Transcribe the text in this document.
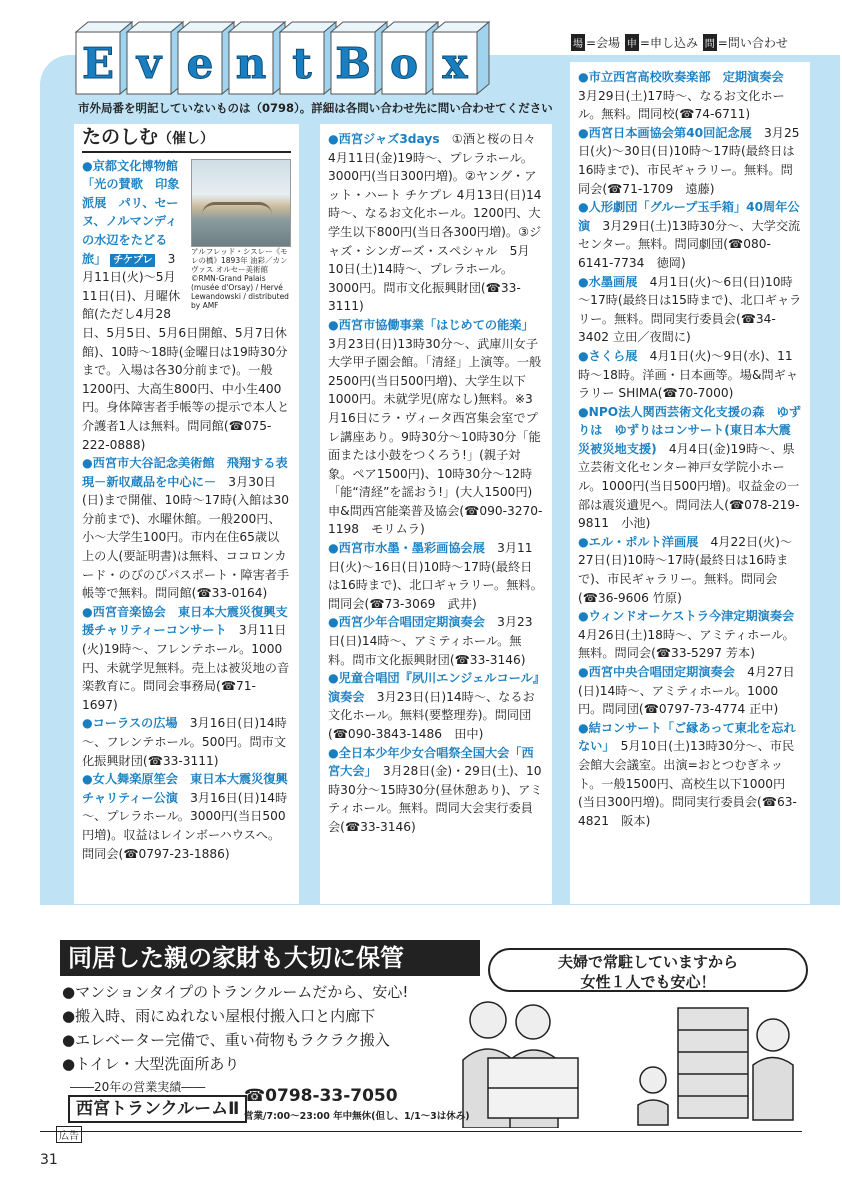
E v e n t B o x	場 =会場 申 =申し込み 問 =問い合わせ
市外局番を明記していないものは（0798）。詳細は各問い合わせ先に問い合わせてください
たのしむ（催し）

アルフレッド・シスレー《モレの橋》1893年 油彩／カンヴァス オルセー美術館 ©RMN-Grand Palais (musée d'Orsay) / Hervé Lewandowski / distributed by AMF
●京都文化博物館「光の賛歌　印象派展　パリ、セーヌ、ノルマンディの水辺をたどる旅」 チケプレ　 3月11日(火)～5月11日(日)、月曜休館(ただし4月28日、5月5日、5月6日開館、5月7日休館)、10時～18時(金曜日は19時30分まで。入場は各30分前まで)。一般1200円、大高生800円、中小生400円。身体障害者手帳等の提示で本人と介護者1人は無料。問同館(☎075-222-0888)

●西宮市大谷記念美術館　飛翔する表現－新収蔵品を中心に－　 3月30日(日)まで開催、10時～17時(入館は30分前まで)、水曜休館。一般200円、小～大学生100円。市内在住65歳以上の人(要証明書)は無料、ココロンカード・のびのびパスポート・障害者手帳等で無料。問同館(☎33-0164)

●西宮音楽協会　東日本大震災復興支援チャリティーコンサート　 3月11日(火)19時～、フレンテホール。1000円、未就学児無料。売上は被災地の音楽教育に。問同会事務局(☎71-1697)

●コーラスの広場　 3月16日(日)14時～、フレンテホール。500円。問市文化振興財団(☎33-3111)

●女人舞楽原笙会　東日本大震災復興チャリティー公演　 3月16日(日)14時～、プレラホール。3000円(当日500円増)。収益はレインボーハウスへ。問同会(☎0797-23-1886)

●西宮ジャズ3days　 ①酒と桜の日々　4月11日(金)19時～、プレラホール。3000円(当日300円増)。②ヤング・アット・ハート チケプレ 4月13日(日)14時～、なるお文化ホール。1200円、大学生以下800円(当日各300円増)。③ジャズ・シンガーズ・スペシャル　5月10日(土)14時～、プレラホール。3000円。問市文化振興財団(☎33-3111)

●西宮市協働事業「はじめての能楽」　3月23日(日)13時30分～、武庫川女子大学甲子園会館。「清経」上演等。一般2500円(当日500円増)、大学生以下1000円。未就学児(席なし)無料。※3月16日にラ・ヴィータ西宮集会室でプレ講座あり。9時30分～10時30分「能面または小鼓をつくろう!」(親子対象。ペア1500円)、10時30分～12時「能“清経”を謡おう!」(大人1500円) 申&問西宮能楽普及協会(☎090-3270-1198　モリムラ)

●西宮市水墨・墨彩画協会展　 3月11日(火)～16日(日)10時～17時(最終日は16時まで)、北口ギャラリー。無料。問同会(☎73-3069　武井)

●西宮少年合唱団定期演奏会　 3月23日(日)14時～、アミティホール。無料。問市文化振興財団(☎33-3146)

●児童合唱団『夙川エンジェルコール』演奏会　 3月23日(日)14時～、なるお文化ホール。無料(要整理券)。問同団(☎090-3843-1486　田中)

●全日本少年少女合唱祭全国大会「西宮大会」　 3月28日(金)・29日(土)、10時30分～15時30分(昼休憩あり)、アミティホール。無料。問同大会実行委員会(☎33-3146)

●市立西宮高校吹奏楽部　定期演奏会　3月29日(土)17時～、なるお文化ホール。無料。問同校(☎74-6711)

●西宮日本画協会第40回記念展　 3月25日(火)～30日(日)10時～17時(最終日は16時まで)、市民ギャラリー。無料。問同会(☎71-1709　遠藤)

●人形劇団「グループ玉手箱」40周年公演　 3月29日(土)13時30分～、大学交流センター。無料。問同劇団(☎080-6141-7734　徳岡)

●水墨画展　 4月1日(火)～6日(日)10時～17時(最終日は15時まで)、北口ギャラリー。無料。問同実行委員会(☎34-3402 立田／夜間に)

●さくら展　 4月1日(火)～9日(水)、11時～18時。洋画・日本画等。場&問ギャラリー SHIMA(☎70-7000)

●NPO法人関西芸術文化支援の森　ゆずりは　ゆずりはコンサート(東日本大震災被災地支援)　 4月4日(金)19時～、県立芸術文化センター神戸女学院小ホール。1000円(当日500円増)。収益金の一部は震災遺児へ。問同法人(☎078-219-9811　小池)

●エル・ポルト洋画展　 4月22日(火)～27日(日)10時～17時(最終日は16時まで)、市民ギャラリー。無料。問同会(☎36-9606 竹原)

●ウィンドオーケストラ今津定期演奏会　4月26日(土)18時～、アミティホール。無料。問同会(☎33-5297 芳本)

●西宮中央合唱団定期演奏会　 4月27日(日)14時～、アミティホール。1000円。問同団(☎0797-73-4774 正中)

●結コンサート「ご縁あって東北を忘れない」　 5月10日(土)13時30分～、市民会館大会議室。出演=おとつむぎネット。一般1500円、高校生以下1000円(当日300円増)。問同実行委員会(☎63-4821　阪本)

同居した親の家財も大切に保管
●マンションタイプのトランクルームだから、安心!
●搬入時、雨にぬれない屋根付搬入口と内廊下
●エレベーター完備で、重い荷物もラクラク搬入
●トイレ・大型洗面所あり
夫婦で常駐していますから
女性１人でも安心！
――20年の営業実績――
西宮トランクルームⅡ
☎0798-33-7050
営業/7:00～23:00 年中無休(但し、1/1～3は休み)
広告
31
